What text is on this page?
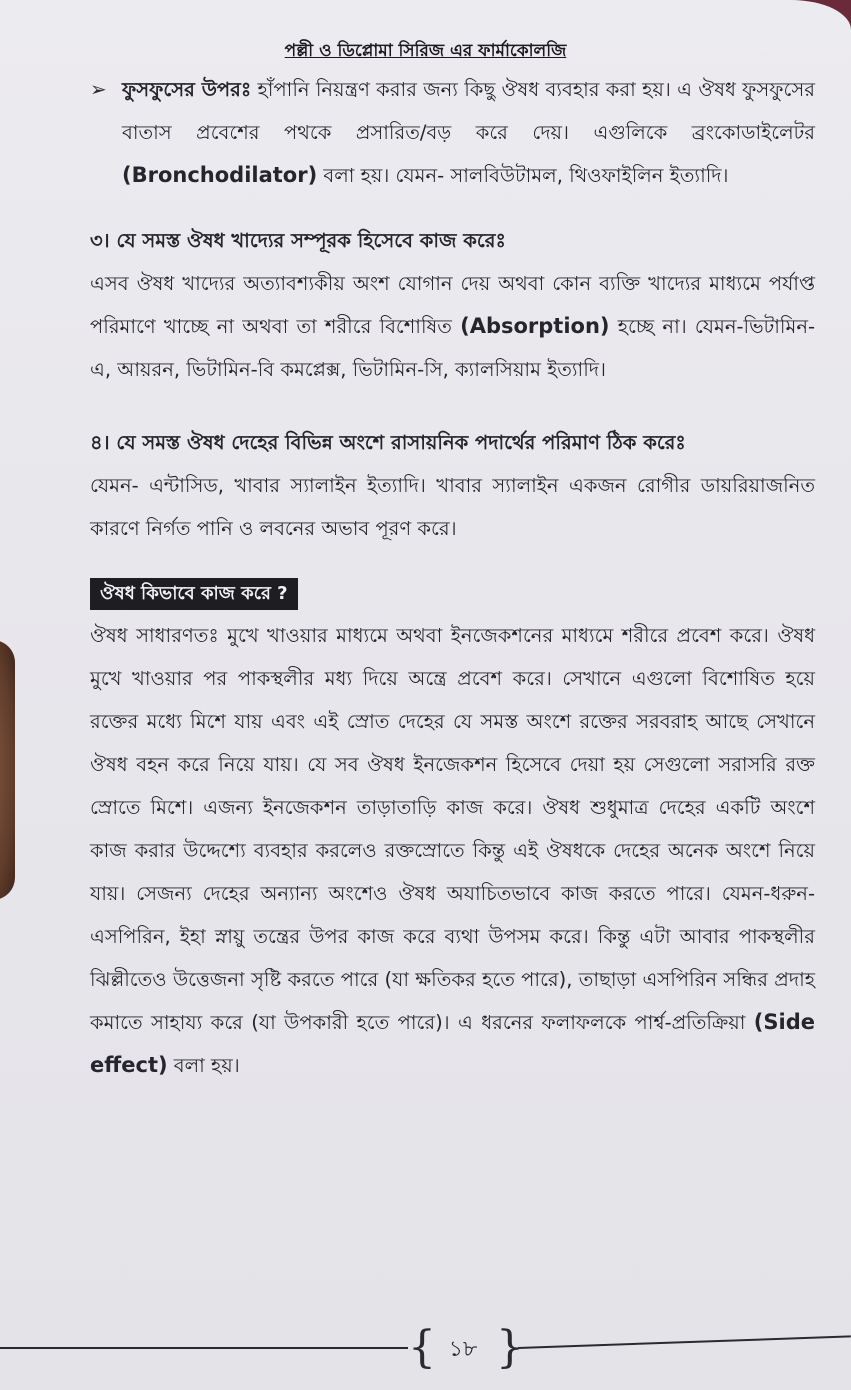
পল্লী ও ডিপ্লোমা সিরিজ এর ফার্মাকোলজি
➢ ফুসফুসের উপরঃ হাঁপানি নিয়ন্ত্রণ করার জন্য কিছু ঔষধ ব্যবহার করা হয়। এ ঔষধ ফুসফুসের বাতাস প্রবেশের পথকে প্রসারিত/বড় করে দেয়। এগুলিকে ব্রংকোডাইলেটর (Bronchodilator) বলা হয়। যেমন- সালবিউটামল, থিওফাইলিন ইত্যাদি।
৩। যে সমস্ত ঔষধ খাদ্যের সম্পূরক হিসেবে কাজ করেঃ
এসব ঔষধ খাদ্যের অত্যাবশ্যকীয় অংশ যোগান দেয় অথবা কোন ব্যক্তি খাদ্যের মাধ্যমে পর্যাপ্ত পরিমাণে খাচ্ছে না অথবা তা শরীরে বিশোষিত (Absorption) হচ্ছে না। যেমন-ভিটামিন-এ, আয়রন, ভিটামিন-বি কমপ্লেক্স, ভিটামিন-সি, ক্যালসিয়াম ইত্যাদি।
৪। যে সমস্ত ঔষধ দেহের বিভিন্ন অংশে রাসায়নিক পদার্থের পরিমাণ ঠিক করেঃ
যেমন- এন্টাসিড, খাবার স্যালাইন ইত্যাদি। খাবার স্যালাইন একজন রোগীর ডায়রিয়াজনিত কারণে নির্গত পানি ও লবনের অভাব পূরণ করে।
ঔষধ কিভাবে কাজ করে ?
ঔষধ সাধারণতঃ মুখে খাওয়ার মাধ্যমে অথবা ইনজেকশনের মাধ্যমে শরীরে প্রবেশ করে। ঔষধ মুখে খাওয়ার পর পাকস্থলীর মধ্য দিয়ে অন্ত্রে প্রবেশ করে। সেখানে এগুলো বিশোষিত হয়ে রক্তের মধ্যে মিশে যায় এবং এই স্রোত দেহের যে সমস্ত অংশে রক্তের সরবরাহ আছে সেখানে ঔষধ বহন করে নিয়ে যায়। যে সব ঔষধ ইনজেকশন হিসেবে দেয়া হয় সেগুলো সরাসরি রক্ত স্রোতে মিশে। এজন্য ইনজেকশন তাড়াতাড়ি কাজ করে। ঔষধ শুধুমাত্র দেহের একটি অংশে কাজ করার উদ্দেশ্যে ব্যবহার করলেও রক্তস্রোতে কিন্তু এই ঔষধকে দেহের অনেক অংশে নিয়ে যায়। সেজন্য দেহের অন্যান্য অংশেও ঔষধ অযাচিতভাবে কাজ করতে পারে। যেমন-ধরুন-এসপিরিন, ইহা স্নায়ু তন্ত্রের উপর কাজ করে ব্যথা উপসম করে। কিন্তু এটা আবার পাকস্থলীর ঝিল্লীতেও উত্তেজনা সৃষ্টি করতে পারে (যা ক্ষতিকর হতে পারে), তাছাড়া এসপিরিন সন্ধির প্রদাহ কমাতে সাহায্য করে (যা উপকারী হতে পারে)। এ ধরনের ফলাফলকে পার্শ্ব-প্রতিক্রিয়া (Side effect) বলা হয়।
{ ১৮ }
